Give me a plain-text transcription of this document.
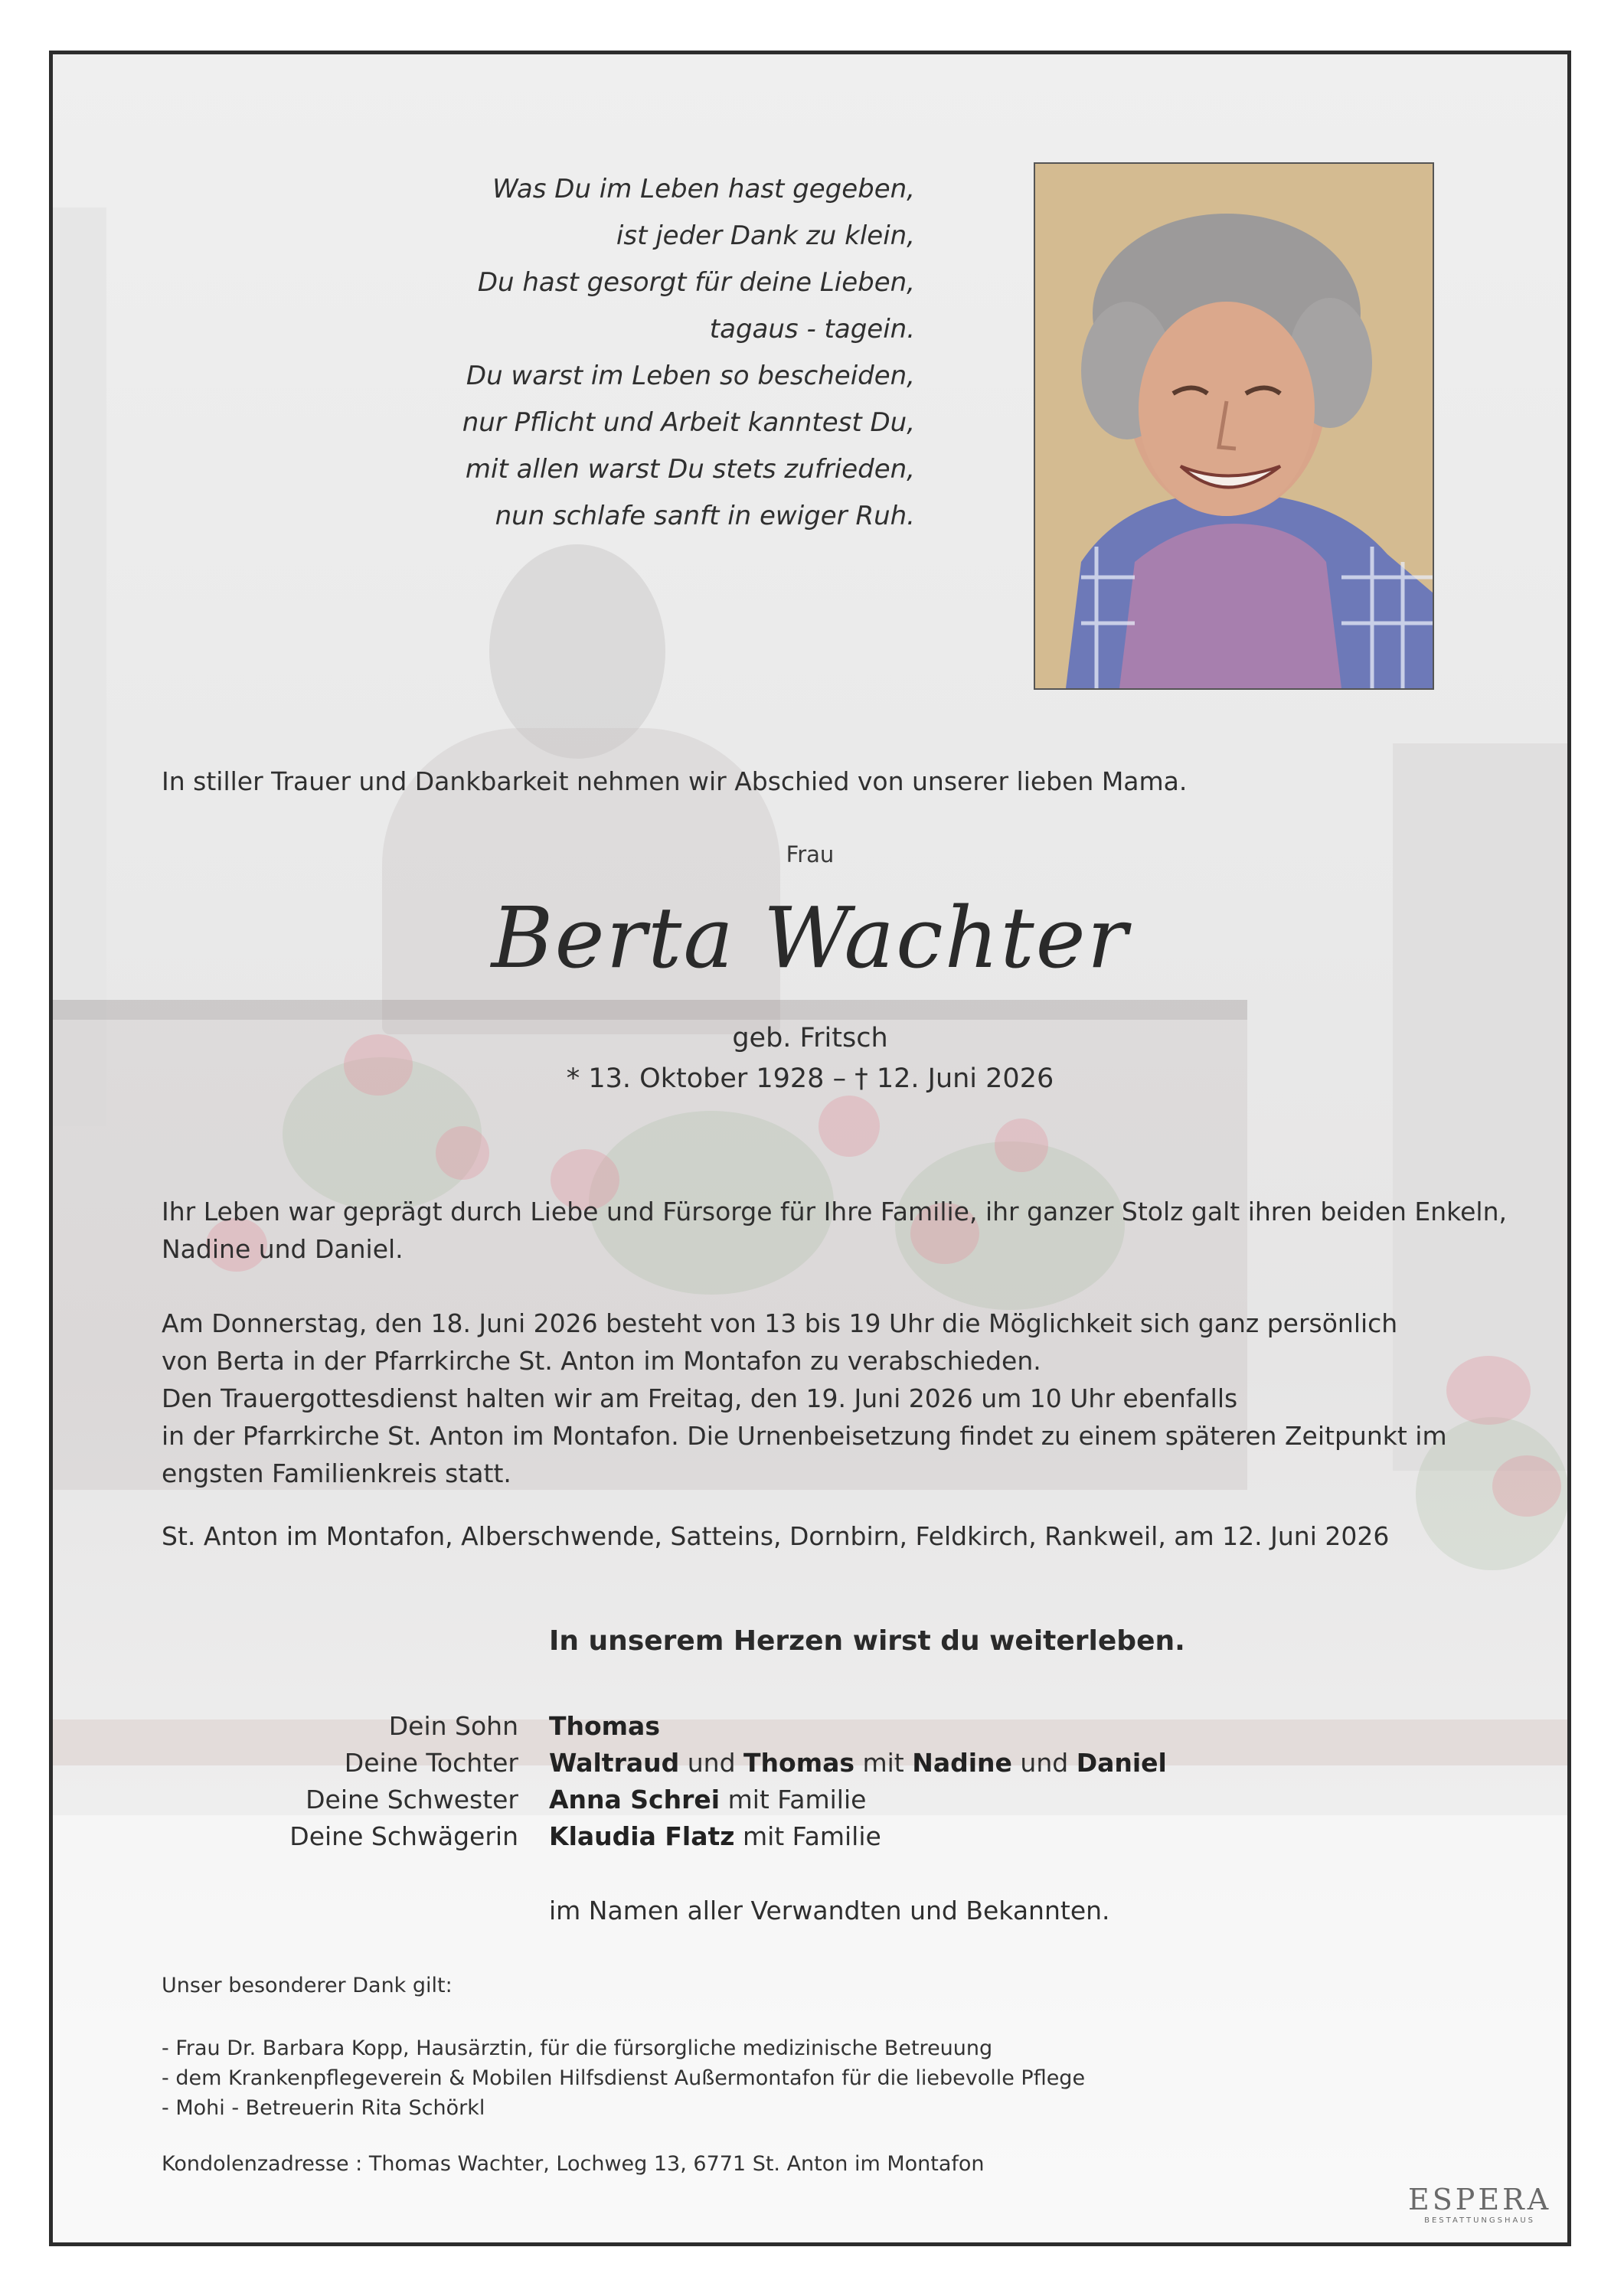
Was Du im Leben hast gegeben,
ist jeder Dank zu klein,
Du hast gesorgt für deine Lieben,
tagaus - tagein.
Du warst im Leben so bescheiden,
nur Pflicht und Arbeit kanntest Du,
mit allen warst Du stets zufrieden,
nun schlafe sanft in ewiger Ruh.
In stiller Trauer und Dankbarkeit nehmen wir Abschied von unserer lieben Mama.
Frau
Berta Wachter
geb. Fritsch
* 13. Oktober 1928 – † 12. Juni 2026

Ihr Leben war geprägt durch Liebe und Fürsorge für Ihre Familie, ihr ganzer Stolz galt ihren beiden Enkeln, Nadine und Daniel.

Am Donnerstag, den 18. Juni 2026 besteht von 13 bis 19 Uhr die Möglichkeit sich ganz persönlich
von Berta in der Pfarrkirche St. Anton im Montafon zu verabschieden.
Den Trauergottesdienst halten wir am Freitag, den 19. Juni 2026 um 10 Uhr ebenfalls
in der Pfarrkirche St. Anton im Montafon. Die Urnenbeisetzung findet zu einem späteren Zeitpunkt im
engsten Familienkreis statt.

St. Anton im Montafon, Alberschwende, Satteins, Dornbirn, Feldkirch, Rankweil, am 12. Juni 2026

In unserem Herzen wirst du weiterleben.
Dein Sohn Thomas
Deine Tochter Waltraud und Thomas mit Nadine und Daniel
Deine Schwester Anna Schrei mit Familie
Deine Schwägerin Klaudia Flatz mit Familie
im Namen aller Verwandten und Bekannten.
Unser besonderer Dank gilt:
- Frau Dr. Barbara Kopp, Hausärztin, für die fürsorgliche medizinische Betreuung
- dem Krankenpflegeverein & Mobilen Hilfsdienst Außermontafon für die liebevolle Pflege
- Mohi - Betreuerin Rita Schörkl
Kondolenzadresse : Thomas Wachter, Lochweg 13, 6771 St. Anton im Montafon
ESPERA
BESTATTUNGSHAUS
